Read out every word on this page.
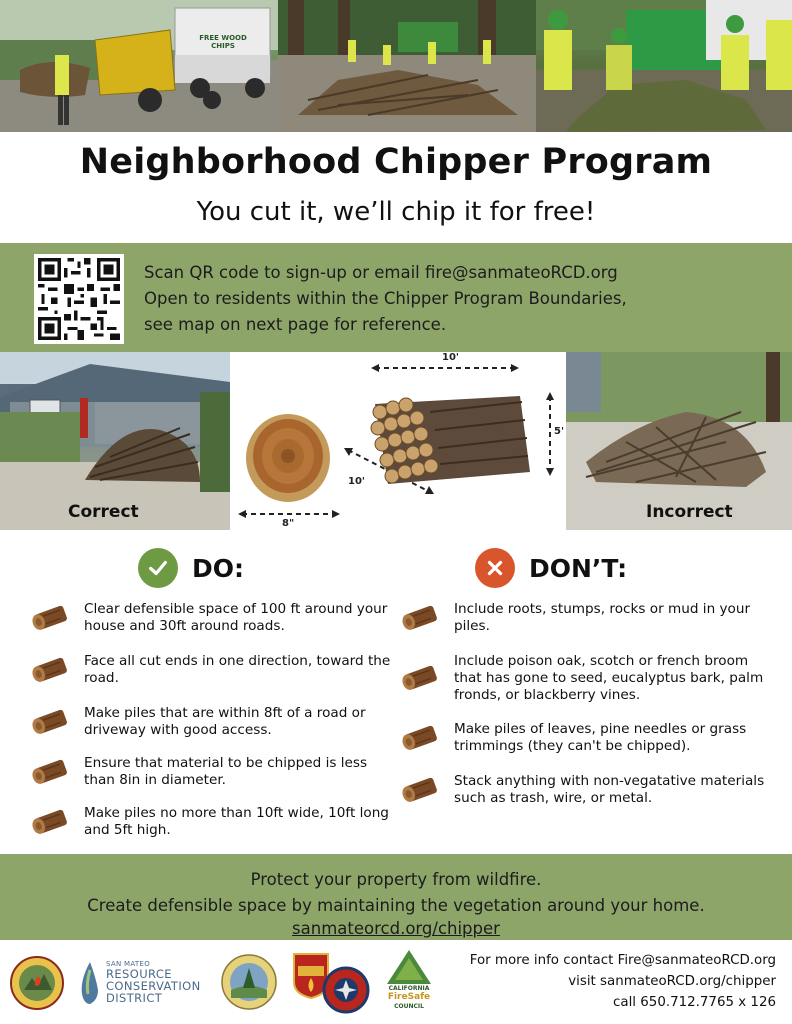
FREE WOOD CHIPS
Neighborhood Chipper Program
You cut it, we’ll chip it for free!
Scan QR code to sign-up or email fire@sanmateoRCD.org
Open to residents within the Chipper Program Boundaries,
see map on next page for reference.
Correct
10'
5'
10'
8"
Incorrect
DO:
Clear defensible space of 100 ft around your house and 30ft around roads.
Face all cut ends in one direction, toward the road.
Make piles that are within 8ft of a road or driveway with good access.
Ensure that material to be chipped is less than 8in in diameter.
Make piles no more than 10ft wide, 10ft long and 5ft high.
DON’T:
Include roots, stumps, rocks or mud in your piles.
Include poison oak, scotch or french broom that has gone to seed, eucalyptus bark, palm fronds, or blackberry vines.
Make piles of leaves, pine needles or grass trimmings (they can't be chipped).
Stack anything with non-vegatative materials such as trash, wire, or metal.
Protect your property from wildfire.
Create defensible space by maintaining the vegetation around your home.
sanmateorcd.org/chipper
SAN MATEO
RESOURCE
CONSERVATION
DISTRICT
CALIFORNIA
FireSafe
COUNCIL
For more info contact Fire@sanmateoRCD.org
visit sanmateoRCD.org/chipper
call 650.712.7765 x 126
